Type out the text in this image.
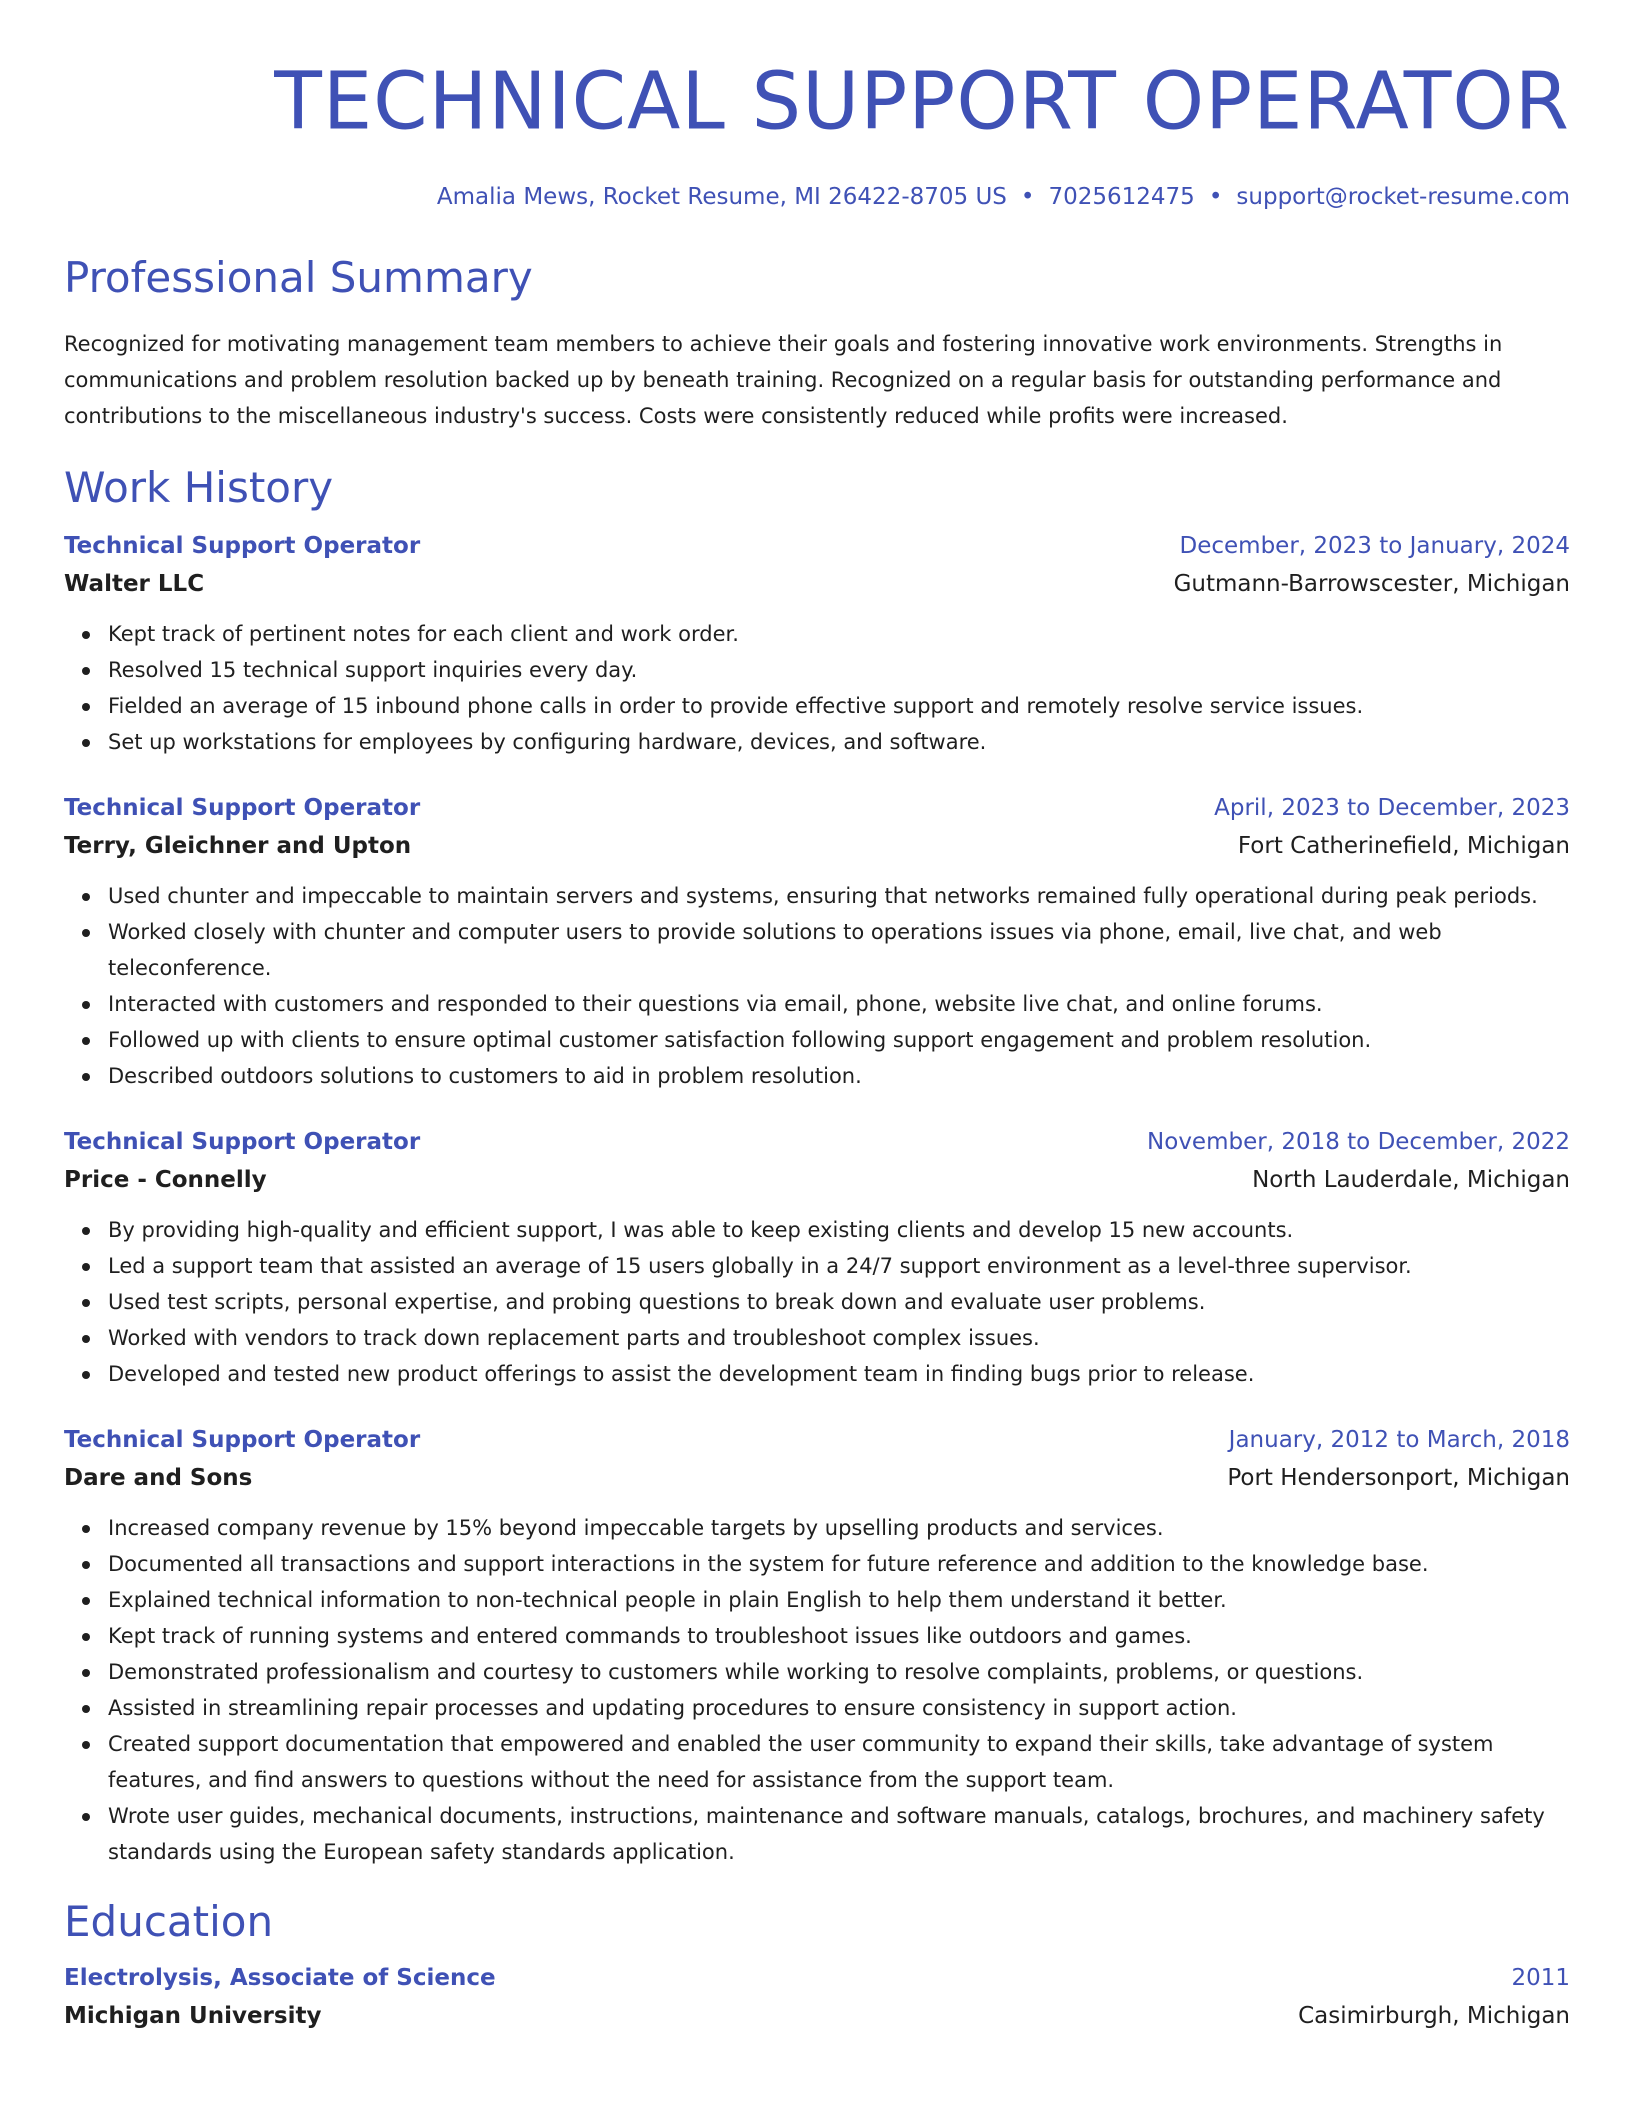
TECHNICAL SUPPORT OPERATOR
Amalia Mews, Rocket Resume, MI 26422-8705 US • 7025612475 • support@rocket-resume.com
Professional Summary

Recognized for motivating management team members to achieve their goals and fostering innovative work environments. Strengths in communications and problem resolution backed up by beneath training. Recognized on a regular basis for outstanding performance and contributions to the miscellaneous industry's success. Costs were consistently reduced while profits were increased.

Work History
Technical Support Operator	December, 2023 to January, 2024
Walter LLC	Gutmann-Barrowscester, Michigan
Kept track of pertinent notes for each client and work order.
Resolved 15 technical support inquiries every day.
Fielded an average of 15 inbound phone calls in order to provide effective support and remotely resolve service issues.
Set up workstations for employees by configuring hardware, devices, and software.
Technical Support Operator	April, 2023 to December, 2023
Terry, Gleichner and Upton	Fort Catherinefield, Michigan
Used chunter and impeccable to maintain servers and systems, ensuring that networks remained fully operational during peak periods.
Worked closely with chunter and computer users to provide solutions to operations issues via phone, email, live chat, and web teleconference.
Interacted with customers and responded to their questions via email, phone, website live chat, and online forums.
Followed up with clients to ensure optimal customer satisfaction following support engagement and problem resolution.
Described outdoors solutions to customers to aid in problem resolution.
Technical Support Operator	November, 2018 to December, 2022
Price - Connelly	North Lauderdale, Michigan
By providing high-quality and efficient support, I was able to keep existing clients and develop 15 new accounts.
Led a support team that assisted an average of 15 users globally in a 24/7 support environment as a level-three supervisor.
Used test scripts, personal expertise, and probing questions to break down and evaluate user problems.
Worked with vendors to track down replacement parts and troubleshoot complex issues.
Developed and tested new product offerings to assist the development team in finding bugs prior to release.
Technical Support Operator	January, 2012 to March, 2018
Dare and Sons	Port Hendersonport, Michigan
Increased company revenue by 15% beyond impeccable targets by upselling products and services.
Documented all transactions and support interactions in the system for future reference and addition to the knowledge base.
Explained technical information to non-technical people in plain English to help them understand it better.
Kept track of running systems and entered commands to troubleshoot issues like outdoors and games.
Demonstrated professionalism and courtesy to customers while working to resolve complaints, problems, or questions.
Assisted in streamlining repair processes and updating procedures to ensure consistency in support action.
Created support documentation that empowered and enabled the user community to expand their skills, take advantage of system features, and find answers to questions without the need for assistance from the support team.
Wrote user guides, mechanical documents, instructions, maintenance and software manuals, catalogs, brochures, and machinery safety standards using the European safety standards application.
Education
Electrolysis, Associate of Science	2011
Michigan University	Casimirburgh, Michigan
